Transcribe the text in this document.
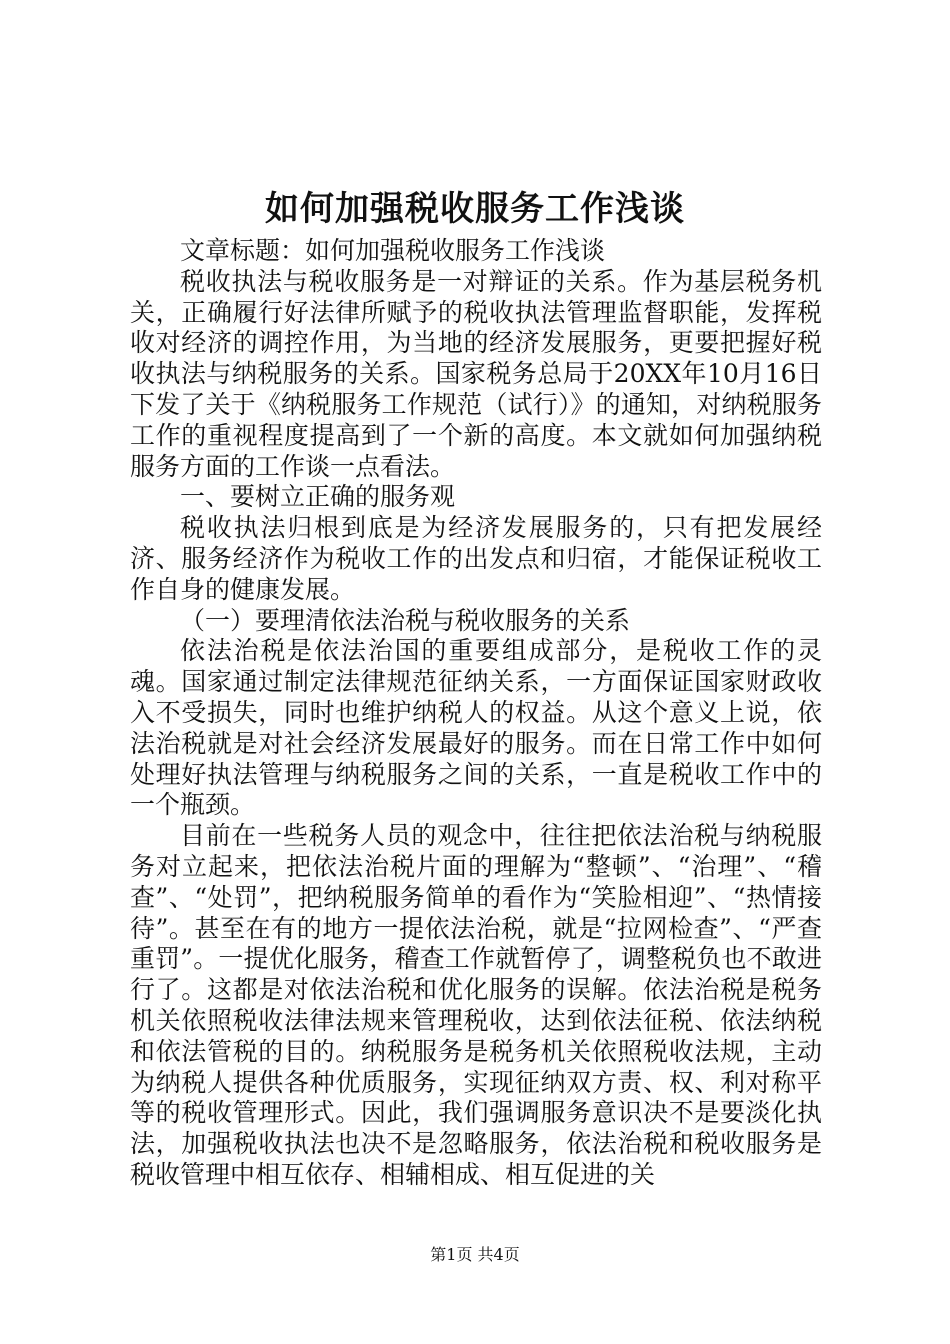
如何加强税收服务工作浅谈

文章标题：如何加强税收服务工作浅谈

税收执法与税收服务是一对辩证的关系。作为基层税务机关，正确履行好法律所赋予的税收执法管理监督职能，发挥税收对经济的调控作用，为当地的经济发展服务，更要把握好税收执法与纳税服务的关系。国家税务总局于20XX年10月16日下发了关于《纳税服务工作规范（试行）》的通知，对纳税服务工作的重视程度提高到了一个新的高度。本文就如何加强纳税服务方面的工作谈一点看法。

一、要树立正确的服务观

税收执法归根到底是为经济发展服务的，只有把发展经济、服务经济作为税收工作的出发点和归宿，才能保证税收工作自身的健康发展。

（一）要理清依法治税与税收服务的关系

依法治税是依法治国的重要组成部分，是税收工作的灵魂。国家通过制定法律规范征纳关系，一方面保证国家财政收入不受损失，同时也维护纳税人的权益。从这个意义上说，依法治税就是对社会经济发展最好的服务。而在日常工作中如何处理好执法管理与纳税服务之间的关系，一直是税收工作中的一个瓶颈。

目前在一些税务人员的观念中，往往把依法治税与纳税服务对立起来，把依法治税片面的理解为“整顿”、“治理”、“稽查”、“处罚”，把纳税服务简单的看作为“笑脸相迎”、“热情接待”。甚至在有的地方一提依法治税，就是“拉网检查”、“严查重罚”。一提优化服务，稽查工作就暂停了，调整税负也不敢进行了。这都是对依法治税和优化服务的误解。依法治税是税务机关依照税收法律法规来管理税收，达到依法征税、依法纳税和依法管税的目的。纳税服务是税务机关依照税收法规，主动为纳税人提供各种优质服务，实现征纳双方责、权、利对称平等的税收管理形式。因此，我们强调服务意识决不是要淡化执法，加强税收执法也决不是忽略服务，依法治税和税收服务是税收管理中相互依存、相辅相成、相互促进的关

第1页 共4页
